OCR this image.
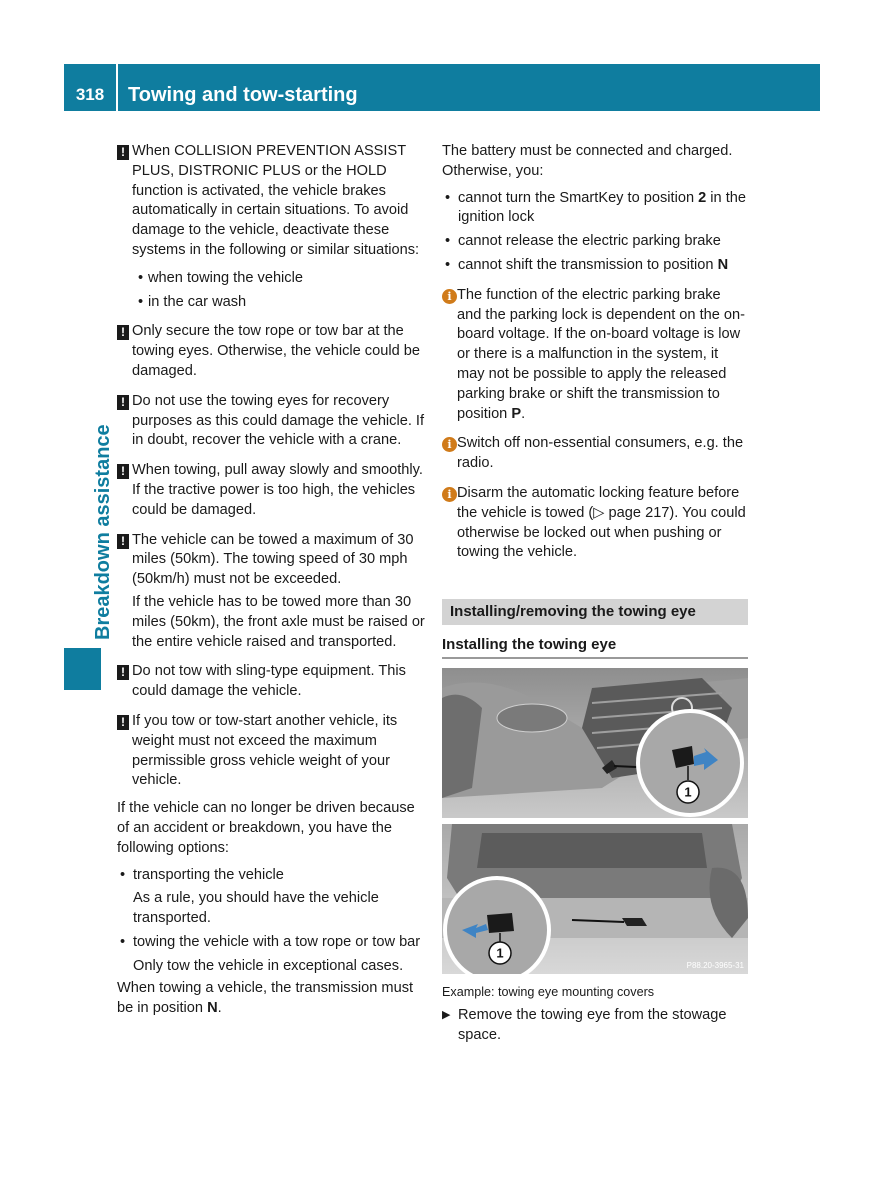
318	Towing and tow-starting
Breakdown assistance
! When COLLISION PREVENTION ASSIST PLUS, DISTRONIC PLUS or the HOLD function is activated, the vehicle brakes automatically in certain situations. To avoid damage to the vehicle, deactivate these systems in the following or similar situations:

• when towing the vehicle

• in the car wash

! Only secure the tow rope or tow bar at the towing eyes. Otherwise, the vehicle could be damaged.

! Do not use the towing eyes for recovery purposes as this could damage the vehicle. If in doubt, recover the vehicle with a crane.

! When towing, pull away slowly and smoothly. If the tractive power is too high, the vehicles could be damaged.

! The vehicle can be towed a maximum of 30 miles (50km). The towing speed of 30 mph (50km/h) must not be exceeded.

If the vehicle has to be towed more than 30 miles (50km), the front axle must be raised or the entire vehicle raised and transported.

! Do not tow with sling-type equipment. This could damage the vehicle.

! If you tow or tow-start another vehicle, its weight must not exceed the maximum permissible gross vehicle weight of your vehicle.

If the vehicle can no longer be driven because of an accident or breakdown, you have the following options:

• transporting the vehicle

As a rule, you should have the vehicle transported.

• towing the vehicle with a tow rope or tow bar

Only tow the vehicle in exceptional cases.

When towing a vehicle, the transmission must be in position N.

The battery must be connected and charged. Otherwise, you:

• cannot turn the SmartKey to position 2 in the ignition lock

• cannot release the electric parking brake

• cannot shift the transmission to position N

i The function of the electric parking brake and the parking lock is dependent on the on-board voltage. If the on-board voltage is low or there is a malfunction in the system, it may not be possible to apply the released parking brake or shift the transmission to position P.

i Switch off non-essential consumers, e.g. the radio.

i Disarm the automatic locking feature before the vehicle is towed (▷ page 217). You could otherwise be locked out when pushing or towing the vehicle.

Installing/removing the towing eye
Installing the towing eye
1
1
P88.20-3965-31

Example: towing eye mounting covers

▶ Remove the towing eye from the stowage space.
